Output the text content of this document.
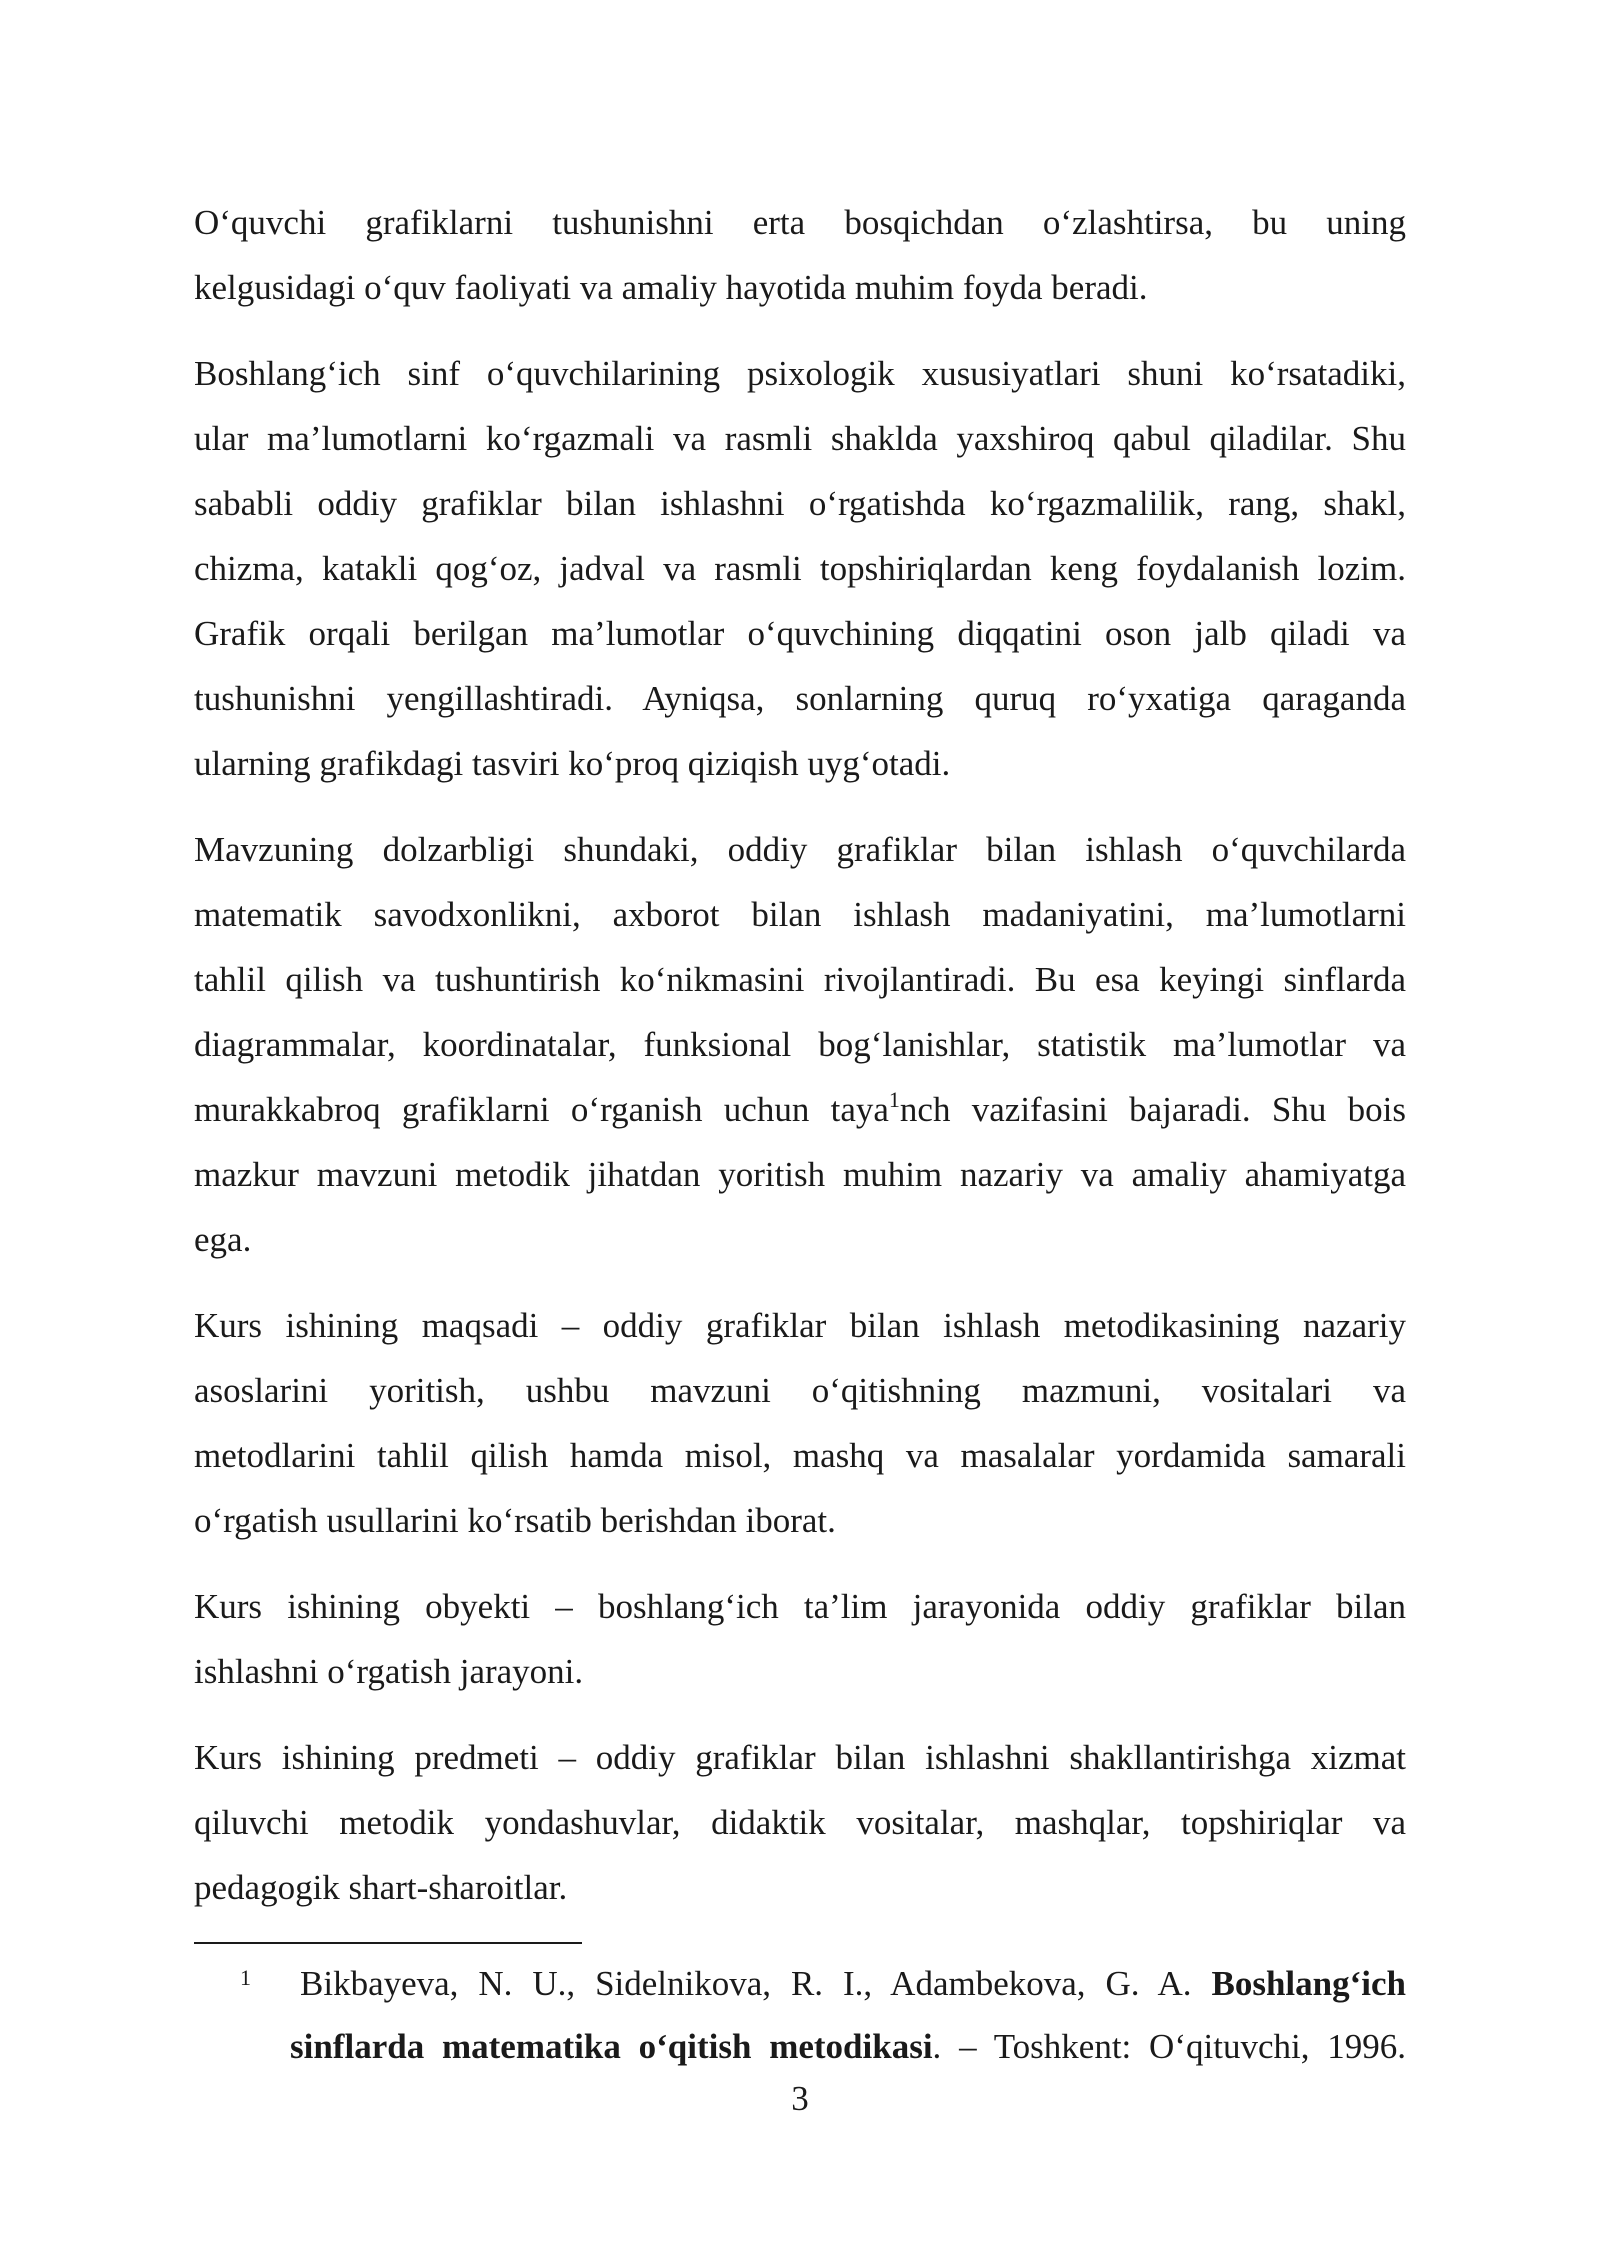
O‘quvchi grafiklarni tushunishni erta bosqichdan o‘zlashtirsa, bu uning
kelgusidagi o‘quv faoliyati va amaliy hayotida muhim foyda beradi.

Boshlang‘ich sinf o‘quvchilarining psixologik xususiyatlari shuni ko‘rsatadiki,
ular ma’lumotlarni ko‘rgazmali va rasmli shaklda yaxshiroq qabul qiladilar. Shu
sababli oddiy grafiklar bilan ishlashni o‘rgatishda ko‘rgazmalilik, rang, shakl,
chizma, katakli qog‘oz, jadval va rasmli topshiriqlardan keng foydalanish lozim.
Grafik orqali berilgan ma’lumotlar o‘quvchining diqqatini oson jalb qiladi va
tushunishni yengillashtiradi. Ayniqsa, sonlarning quruq ro‘yxatiga qaraganda
ularning grafikdagi tasviri ko‘proq qiziqish uyg‘otadi.

Mavzuning dolzarbligi shundaki, oddiy grafiklar bilan ishlash o‘quvchilarda
matematik savodxonlikni, axborot bilan ishlash madaniyatini, ma’lumotlarni
tahlil qilish va tushuntirish ko‘nikmasini rivojlantiradi. Bu esa keyingi sinflarda
diagrammalar, koordinatalar, funksional bog‘lanishlar, statistik ma’lumotlar va
murakkabroq grafiklarni o‘rganish uchun taya$^1$nch vazifasini bajaradi. Shu bois
mazkur mavzuni metodik jihatdan yoritish muhim nazariy va amaliy ahamiyatga
ega.

Kurs ishining maqsadi – oddiy grafiklar bilan ishlash metodikasining nazariy
asoslarini yoritish, ushbu mavzuni o‘qitishning mazmuni, vositalari va
metodlarini tahlil qilish hamda misol, mashq va masalalar yordamida samarali
o‘rgatish usullarini ko‘rsatib berishdan iborat.

Kurs ishining obyekti – boshlang‘ich ta’lim jarayonida oddiy grafiklar bilan
ishlashni o‘rgatish jarayoni.

Kurs ishining predmeti – oddiy grafiklar bilan ishlashni shakllantirishga xizmat
qiluvchi metodik yondashuvlar, didaktik vositalar, mashqlar, topshiriqlar va
pedagogik shart-sharoitlar.

1 Bikbayeva, N. U., Sidelnikova, R. I., Adambekova, G. A. Boshlang‘ich
sinflarda matematika o‘qitish metodikasi. – Toshkent: O‘qituvchi, 1996.
3
